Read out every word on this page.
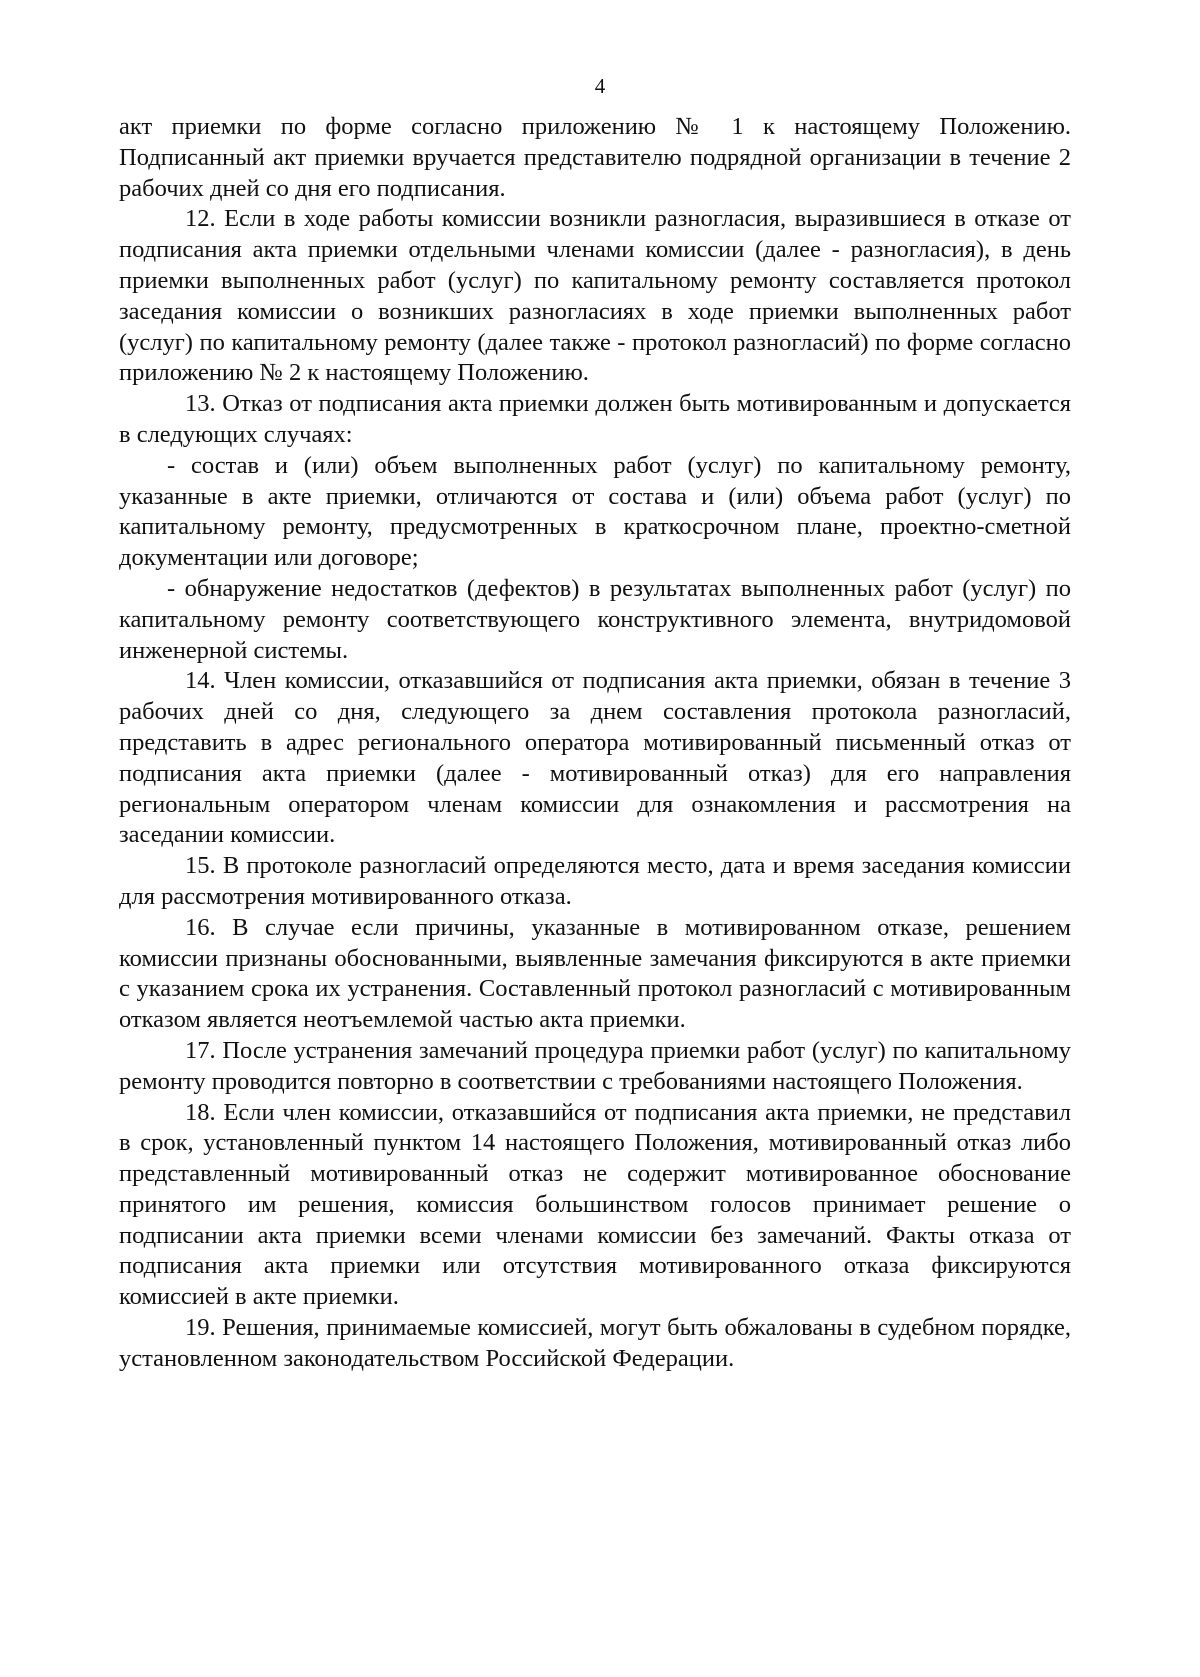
4

акт приемки по форме согласно приложению № 1 к настоящему Положению. Подписанный акт приемки вручается представителю подрядной организации в течение 2 рабочих дней со дня его подписания.

12. Если в ходе работы комиссии возникли разногласия, выразившиеся в отказе от подписания акта приемки отдельными членами комиссии (далее - разногласия), в день приемки выполненных работ (услуг) по капитальному ремонту составляется протокол заседания комиссии о возникших разногласиях в ходе приемки выполненных работ (услуг) по капитальному ремонту (далее также - протокол разногласий) по форме согласно приложению № 2 к настоящему Положению.

13. Отказ от подписания акта приемки должен быть мотивированным и допускается в следующих случаях:

- состав и (или) объем выполненных работ (услуг) по капитальному ремонту, указанные в акте приемки, отличаются от состава и (или) объема работ (услуг) по капитальному ремонту, предусмотренных в краткосрочном плане, проектно-сметной документации или договоре;

- обнаружение недостатков (дефектов) в результатах выполненных работ (услуг) по капитальному ремонту соответствующего конструктивного элемента, внутридомовой инженерной системы.

14. Член комиссии, отказавшийся от подписания акта приемки, обязан в течение 3 рабочих дней со дня, следующего за днем составления протокола разногласий, представить в адрес регионального оператора мотивированный письменный отказ от подписания акта приемки (далее - мотивированный отказ) для его направления региональным оператором членам комиссии для ознакомления и рассмотрения на заседании комиссии.

15. В протоколе разногласий определяются место, дата и время заседания комиссии для рассмотрения мотивированного отказа.

16. В случае если причины, указанные в мотивированном отказе, решением комиссии признаны обоснованными, выявленные замечания фиксируются в акте приемки с указанием срока их устранения. Составленный протокол разногласий с мотивированным отказом является неотъемлемой частью акта приемки.

17. После устранения замечаний процедура приемки работ (услуг) по капитальному ремонту проводится повторно в соответствии с требованиями настоящего Положения.

18. Если член комиссии, отказавшийся от подписания акта приемки, не представил в срок, установленный пунктом 14 настоящего Положения, мотивированный отказ либо представленный мотивированный отказ не содержит мотивированное обоснование принятого им решения, комиссия большинством голосов принимает решение о подписании акта приемки всеми членами комиссии без замечаний. Факты отказа от подписания акта приемки или отсутствия мотивированного отказа фиксируются комиссией в акте приемки.

19. Решения, принимаемые комиссией, могут быть обжалованы в судебном порядке, установленном законодательством Российской Федерации.
